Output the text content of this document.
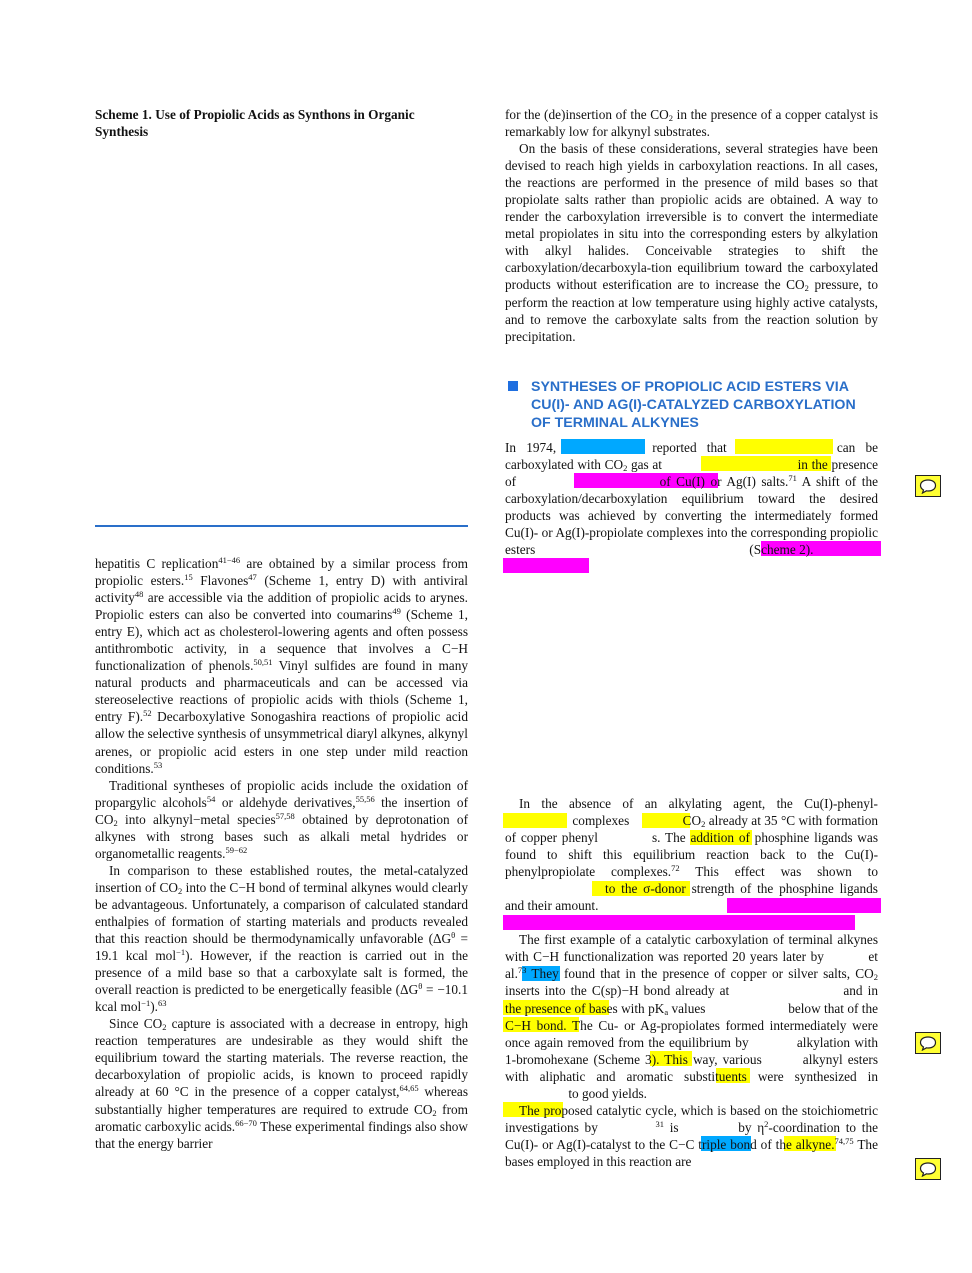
Scheme 1. Use of Propiolic Acids as Synthons in Organic Synthesis

hepatitis C replication$^{41-46}$ are obtained by a similar process from propiolic esters.$^{15}$ Flavones$^{47}$ (Scheme 1, entry D) with antiviral activity$^{48}$ are accessible via the addition of propiolic acids to arynes. Propiolic esters can also be converted into coumarins$^{49}$ (Scheme 1, entry E), which act as cholesterol-lowering agents and often possess antithrombotic activity, in a sequence that involves a C−H functionalization of phenols.$^{50,51}$ Vinyl sulfides are found in many natural products and pharmaceuticals and can be accessed via stereoselective reactions of propiolic acids with thiols (Scheme 1, entry F).$^{52}$ Decarboxylative Sonogashira reactions of propiolic acid allow the selective synthesis of unsymmetrical diaryl alkynes, alkynyl arenes, or propiolic acid esters in one step under mild reaction conditions.$^{53}$

Traditional syntheses of propiolic acids include the oxidation of propargylic alcohols$^{54}$ or aldehyde derivatives,$^{55,56}$ the insertion of $CO_2$ into alkynyl−metal species$^{57,58}$ obtained by deprotonation of alkynes with strong bases such as alkali metal hydrides or organometallic reagents.$^{59-62}$

In comparison to these established routes, the metal-catalyzed insertion of $CO_2$ into the C−H bond of terminal alkynes would clearly be advantageous. Unfortunately, a comparison of calculated standard enthalpies of formation of starting materials and products revealed that this reaction should be thermodynamically unfavorable ($\Delta G^\theta = 19.1$ kcal mol$^{-1}$). However, if the reaction is carried out in the presence of a mild base so that a carboxylate salt is formed, the overall reaction is predicted to be energetically feasible ($\Delta G^\theta = -10.1$ kcal mol$^{-1}$).$^{63}$

Since $CO_2$ capture is associated with a decrease in entropy, high reaction temperatures are undesirable as they would shift the equilibrium toward the starting materials. The reverse reaction, the decarboxylation of propiolic acids, is known to proceed rapidly already at 60 °C in the presence of a copper catalyst,$^{64,65}$ whereas substantially higher temperatures are required to extrude $CO_2$ from aromatic carboxylic acids.$^{66-70}$ These experimental findings also show that the energy barrier

for the (de)insertion of the $CO_2$ in the presence of a copper catalyst is remarkably low for alkynyl substrates.

On the basis of these considerations, several strategies have been devised to reach high yields in carboxylation reactions. In all cases, the reactions are performed in the presence of mild bases so that propiolate salts rather than propiolic acids are obtained. A way to render the carboxylation irreversible is to convert the intermediate metal propiolates in situ into the corresponding esters by alkylation with alkyl halides. Conceivable strategies to shift the carboxylation/decarboxyla-tion equilibrium toward the carboxylated products without esterification are to increase the $CO_2$ pressure, to perform the reaction at low temperature using highly active catalysts, and to remove the carboxylate salts from the reaction solution by precipitation.

SYNTHESES OF PROPIOLIC ACID ESTERS VIA
CU(I)- AND AG(I)-CATALYZED CARBOXYLATION
OF TERMINAL ALKYNES

In 1974,	reported that	can be carboxylated with $CO_2$ gas at	in the presence of	of Cu(I) or Ag(I) salts.$^{71}$ A shift of the carboxylation/decarboxylation equilibrium toward the desired products was achieved by converting the intermediately formed Cu(I)- or Ag(I)-propiolate complexes into the corresponding propiolic esters	(Scheme 2).

In the absence of an alkylating agent, the Cu(I)-phenyl-  complexes	$CO_2$ already at 35 °C with formation of copper phenyl	s. The addition of phosphine ligands was found to shift this equilibrium reaction back to the Cu(I)-phenylpropiolate complexes.$^{72}$ This effect was shown to to the σ-donor strength of the phosphine ligands and their amount.

The first example of a catalytic carboxylation of terminal alkynes with C−H functionalization was reported 20 years later by	et al.$^{73}$ They found that in the presence of copper or silver salts, $CO_2$ inserts into the C(sp)−H bond already at	and in the presence of bases with $pK_a$ values	below that of the C−H bond. The Cu- or Ag-propiolates formed intermediately were once again removed from the equilibrium by	alkylation with 1-bromohexane (Scheme 3). This way, various	alkynyl esters with aliphatic and aromatic substituents were synthesized in  to good yields.

The proposed catalytic cycle, which is based on the stoichiometric investigations by	$^{31}$ is	by $\eta^2$-coordination to the Cu(I)- or Ag(I)-catalyst to the C−C triple bond of the alkyne.$^{74,75}$ The bases employed in this reaction are
